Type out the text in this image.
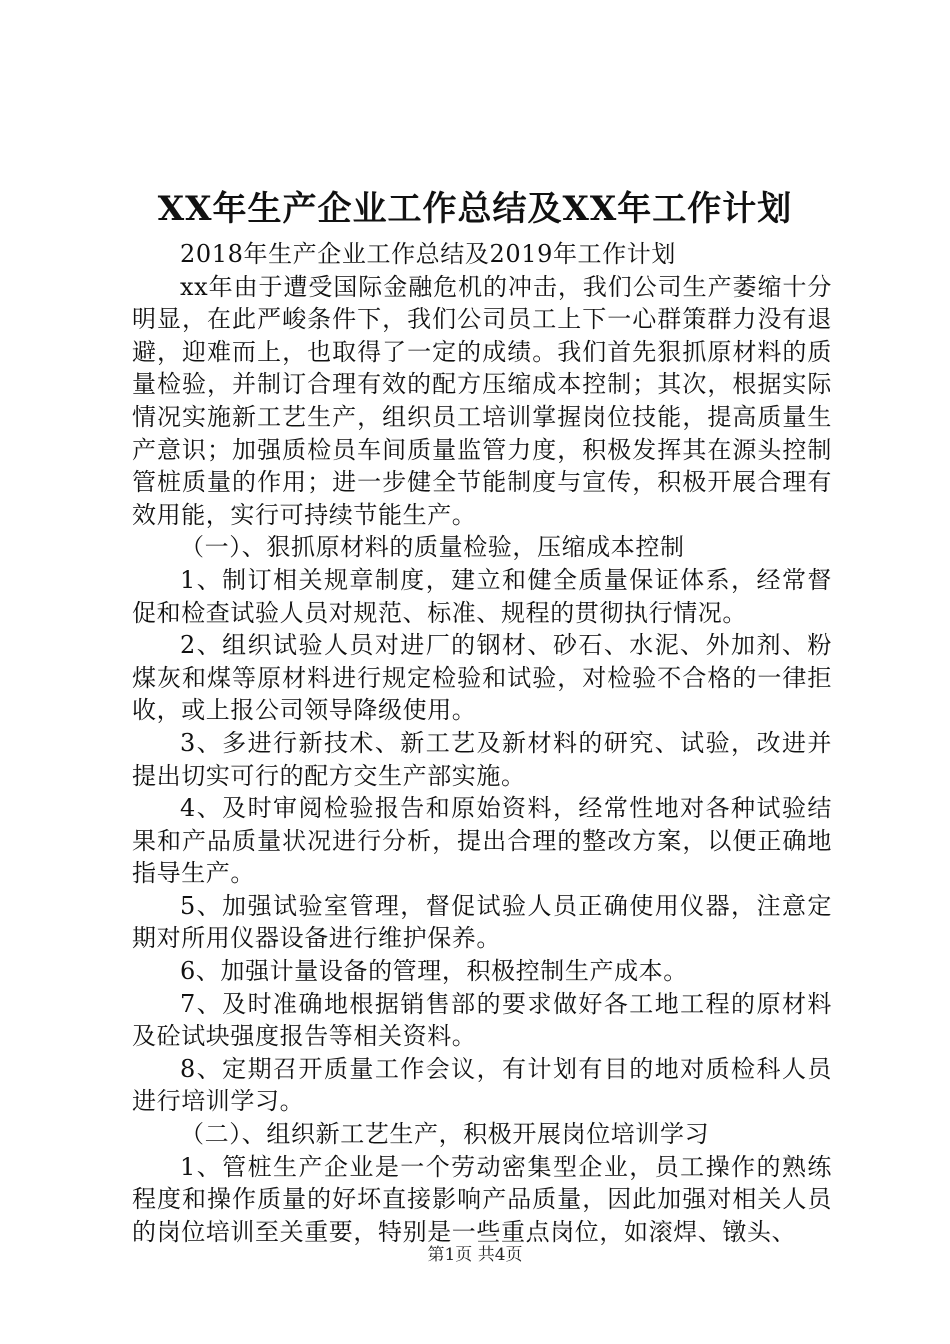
XX年生产企业工作总结及XX年工作计划

2018年生产企业工作总结及2019年工作计划

xx年由于遭受国际金融危机的冲击，我们公司生产萎缩十分明显，在此严峻条件下，我们公司员工上下一心群策群力没有退避，迎难而上，也取得了一定的成绩。我们首先狠抓原材料的质量检验，并制订合理有效的配方压缩成本控制；其次，根据实际情况实施新工艺生产，组织员工培训掌握岗位技能，提高质量生产意识；加强质检员车间质量监管力度，积极发挥其在源头控制管桩质量的作用；进一步健全节能制度与宣传，积极开展合理有效用能，实行可持续节能生产。

（一）、狠抓原材料的质量检验，压缩成本控制

1、制订相关规章制度，建立和健全质量保证体系，经常督促和检查试验人员对规范、标准、规程的贯彻执行情况。

2、组织试验人员对进厂的钢材、砂石、水泥、外加剂、粉煤灰和煤等原材料进行规定检验和试验，对检验不合格的一律拒收，或上报公司领导降级使用。

3、多进行新技术、新工艺及新材料的研究、试验，改进并提出切实可行的配方交生产部实施。

4、及时审阅检验报告和原始资料，经常性地对各种试验结果和产品质量状况进行分析，提出合理的整改方案，以便正确地指导生产。

5、加强试验室管理，督促试验人员正确使用仪器，注意定期对所用仪器设备进行维护保养。

6、加强计量设备的管理，积极控制生产成本。

7、及时准确地根据销售部的要求做好各工地工程的原材料及砼试块强度报告等相关资料。

8、定期召开质量工作会议，有计划有目的地对质检科人员进行培训学习。

（二）、组织新工艺生产，积极开展岗位培训学习

1、管桩生产企业是一个劳动密集型企业，员工操作的熟练程度和操作质量的好坏直接影响产品质量，因此加强对相关人员的岗位培训至关重要，特别是一些重点岗位，如滚焊、镦头、

第1页 共4页
